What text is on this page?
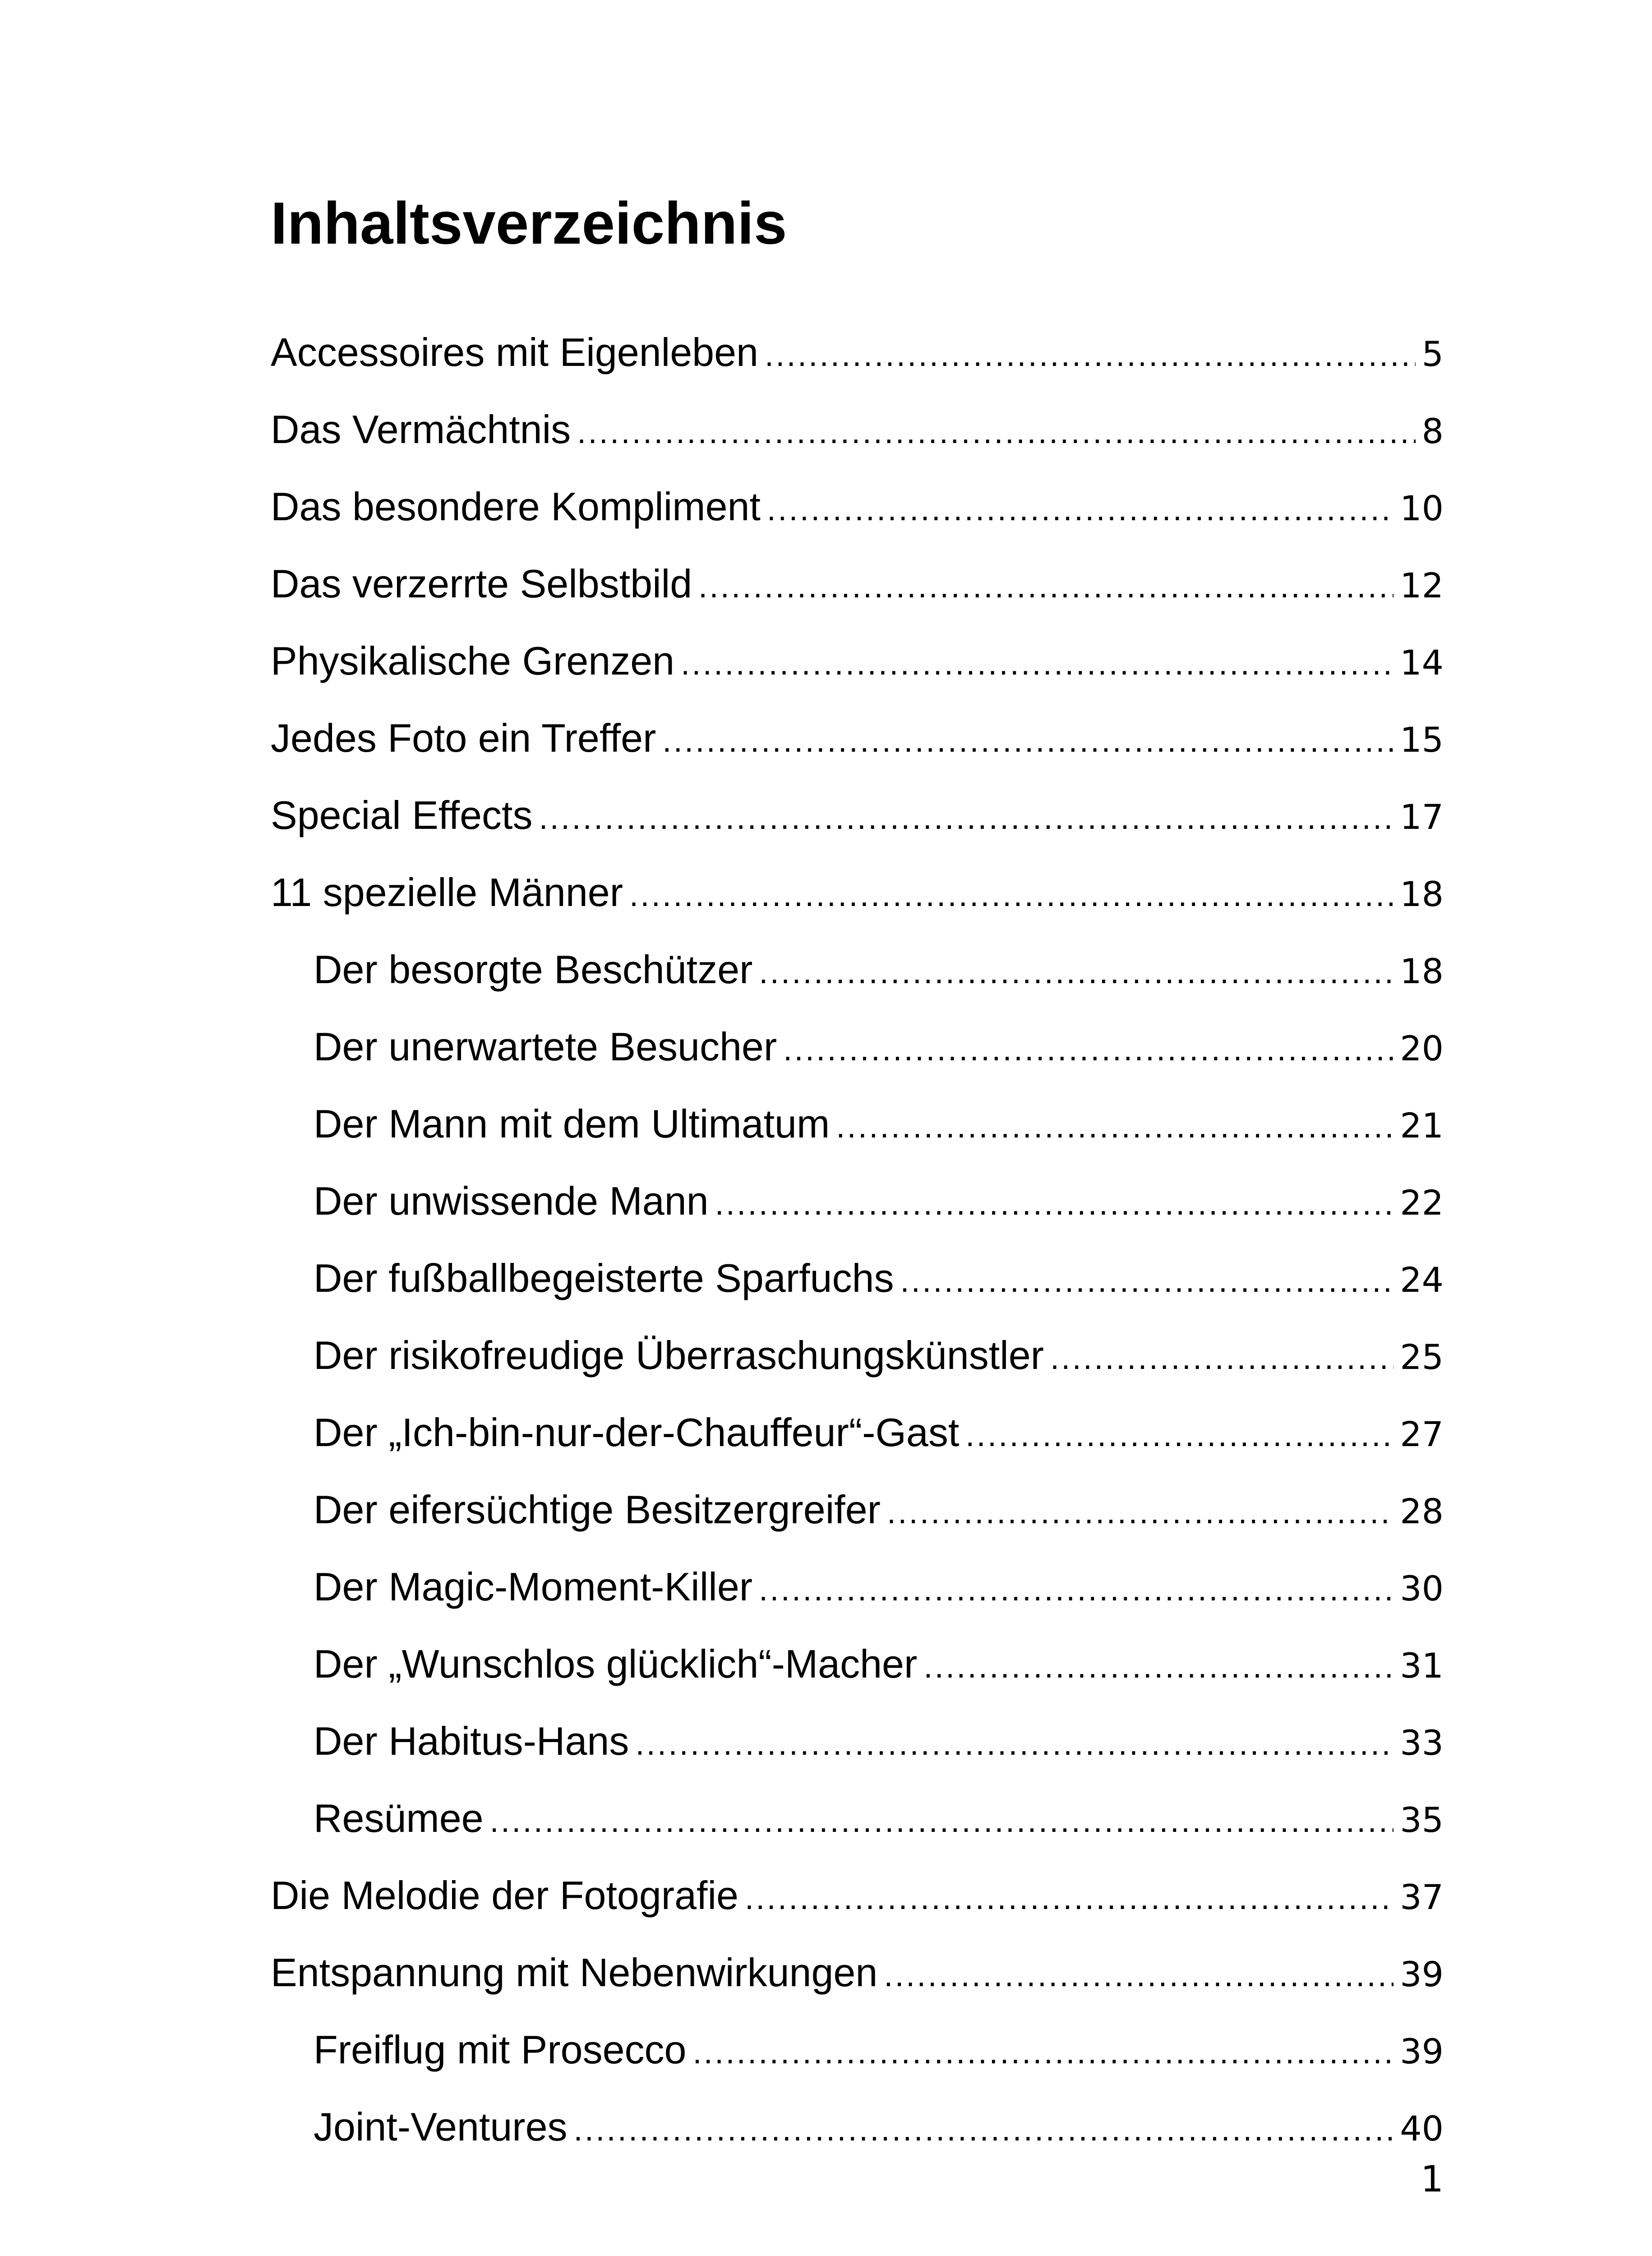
Inhaltsverzeichnis
Accessoires mit Eigenleben .....	5
Das Vermächtnis .....	8
Das besondere Kompliment .....	10
Das verzerrte Selbstbild .....	12
Physikalische Grenzen .....	14
Jedes Foto ein Treffer .....	15
Special Effects .....	17
11 spezielle Männer .....	18
Der besorgte Beschützer .....	18
Der unerwartete Besucher .....	20
Der Mann mit dem Ultimatum .....	21
Der unwissende Mann .....	22
Der fußballbegeisterte Sparfuchs .....	24
Der risikofreudige Überraschungskünstler .....	25
Der „Ich-bin-nur-der-Chauffeur“-Gast .....	27
Der eifersüchtige Besitzergreifer .....	28
Der Magic-Moment-Killer .....	30
Der „Wunschlos glücklich“-Macher .....	31
Der Habitus-Hans .....	33
Resümee .....	35
Die Melodie der Fotografie .....	37
Entspannung mit Nebenwirkungen .....	39
Freiflug mit Prosecco .....	39
Joint-Ventures .....	40
1
